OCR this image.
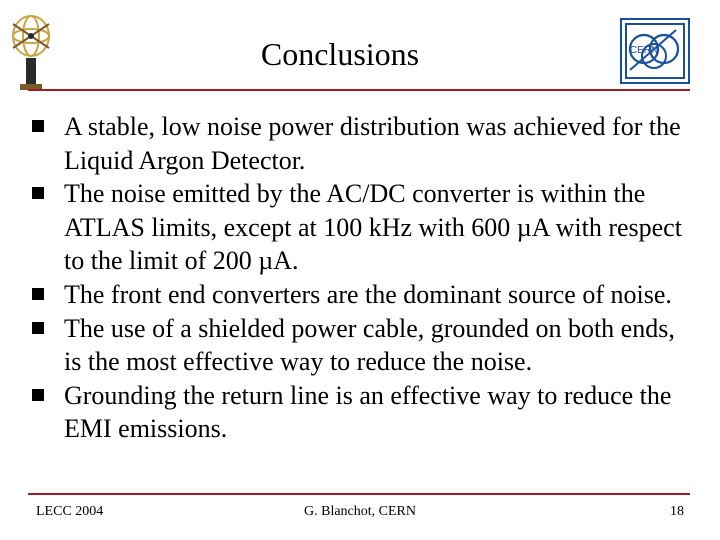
Conclusions	CERN
A stable, low noise power distribution was achieved for the Liquid Argon Detector.
The noise emitted by the AC/DC converter is within the ATLAS limits, except at 100 kHz with 600 µA with respect to the limit of 200 µA.
The front end converters are the dominant source of noise.
The use of a shielded power cable, grounded on both ends, is the most effective way to reduce the noise.
Grounding the return line is an effective way to reduce the EMI emissions.
LECC 2004	G. Blanchot, CERN	18
